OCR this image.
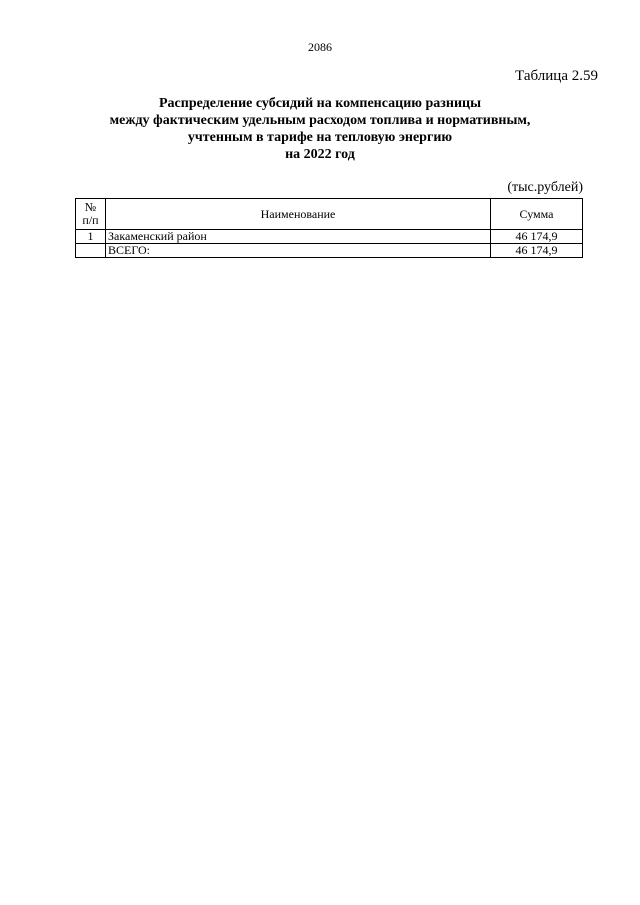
2086
Таблица 2.59
Распределение субсидий на компенсацию разницы
между фактическим удельным расходом топлива и нормативным,
учтенным в тарифе на тепловую энергию
на 2022 год
(тыс.рублей)
№
п/п	Наименование	Сумма
1	Закаменский район	46 174,9
	ВСЕГО:	46 174,9
